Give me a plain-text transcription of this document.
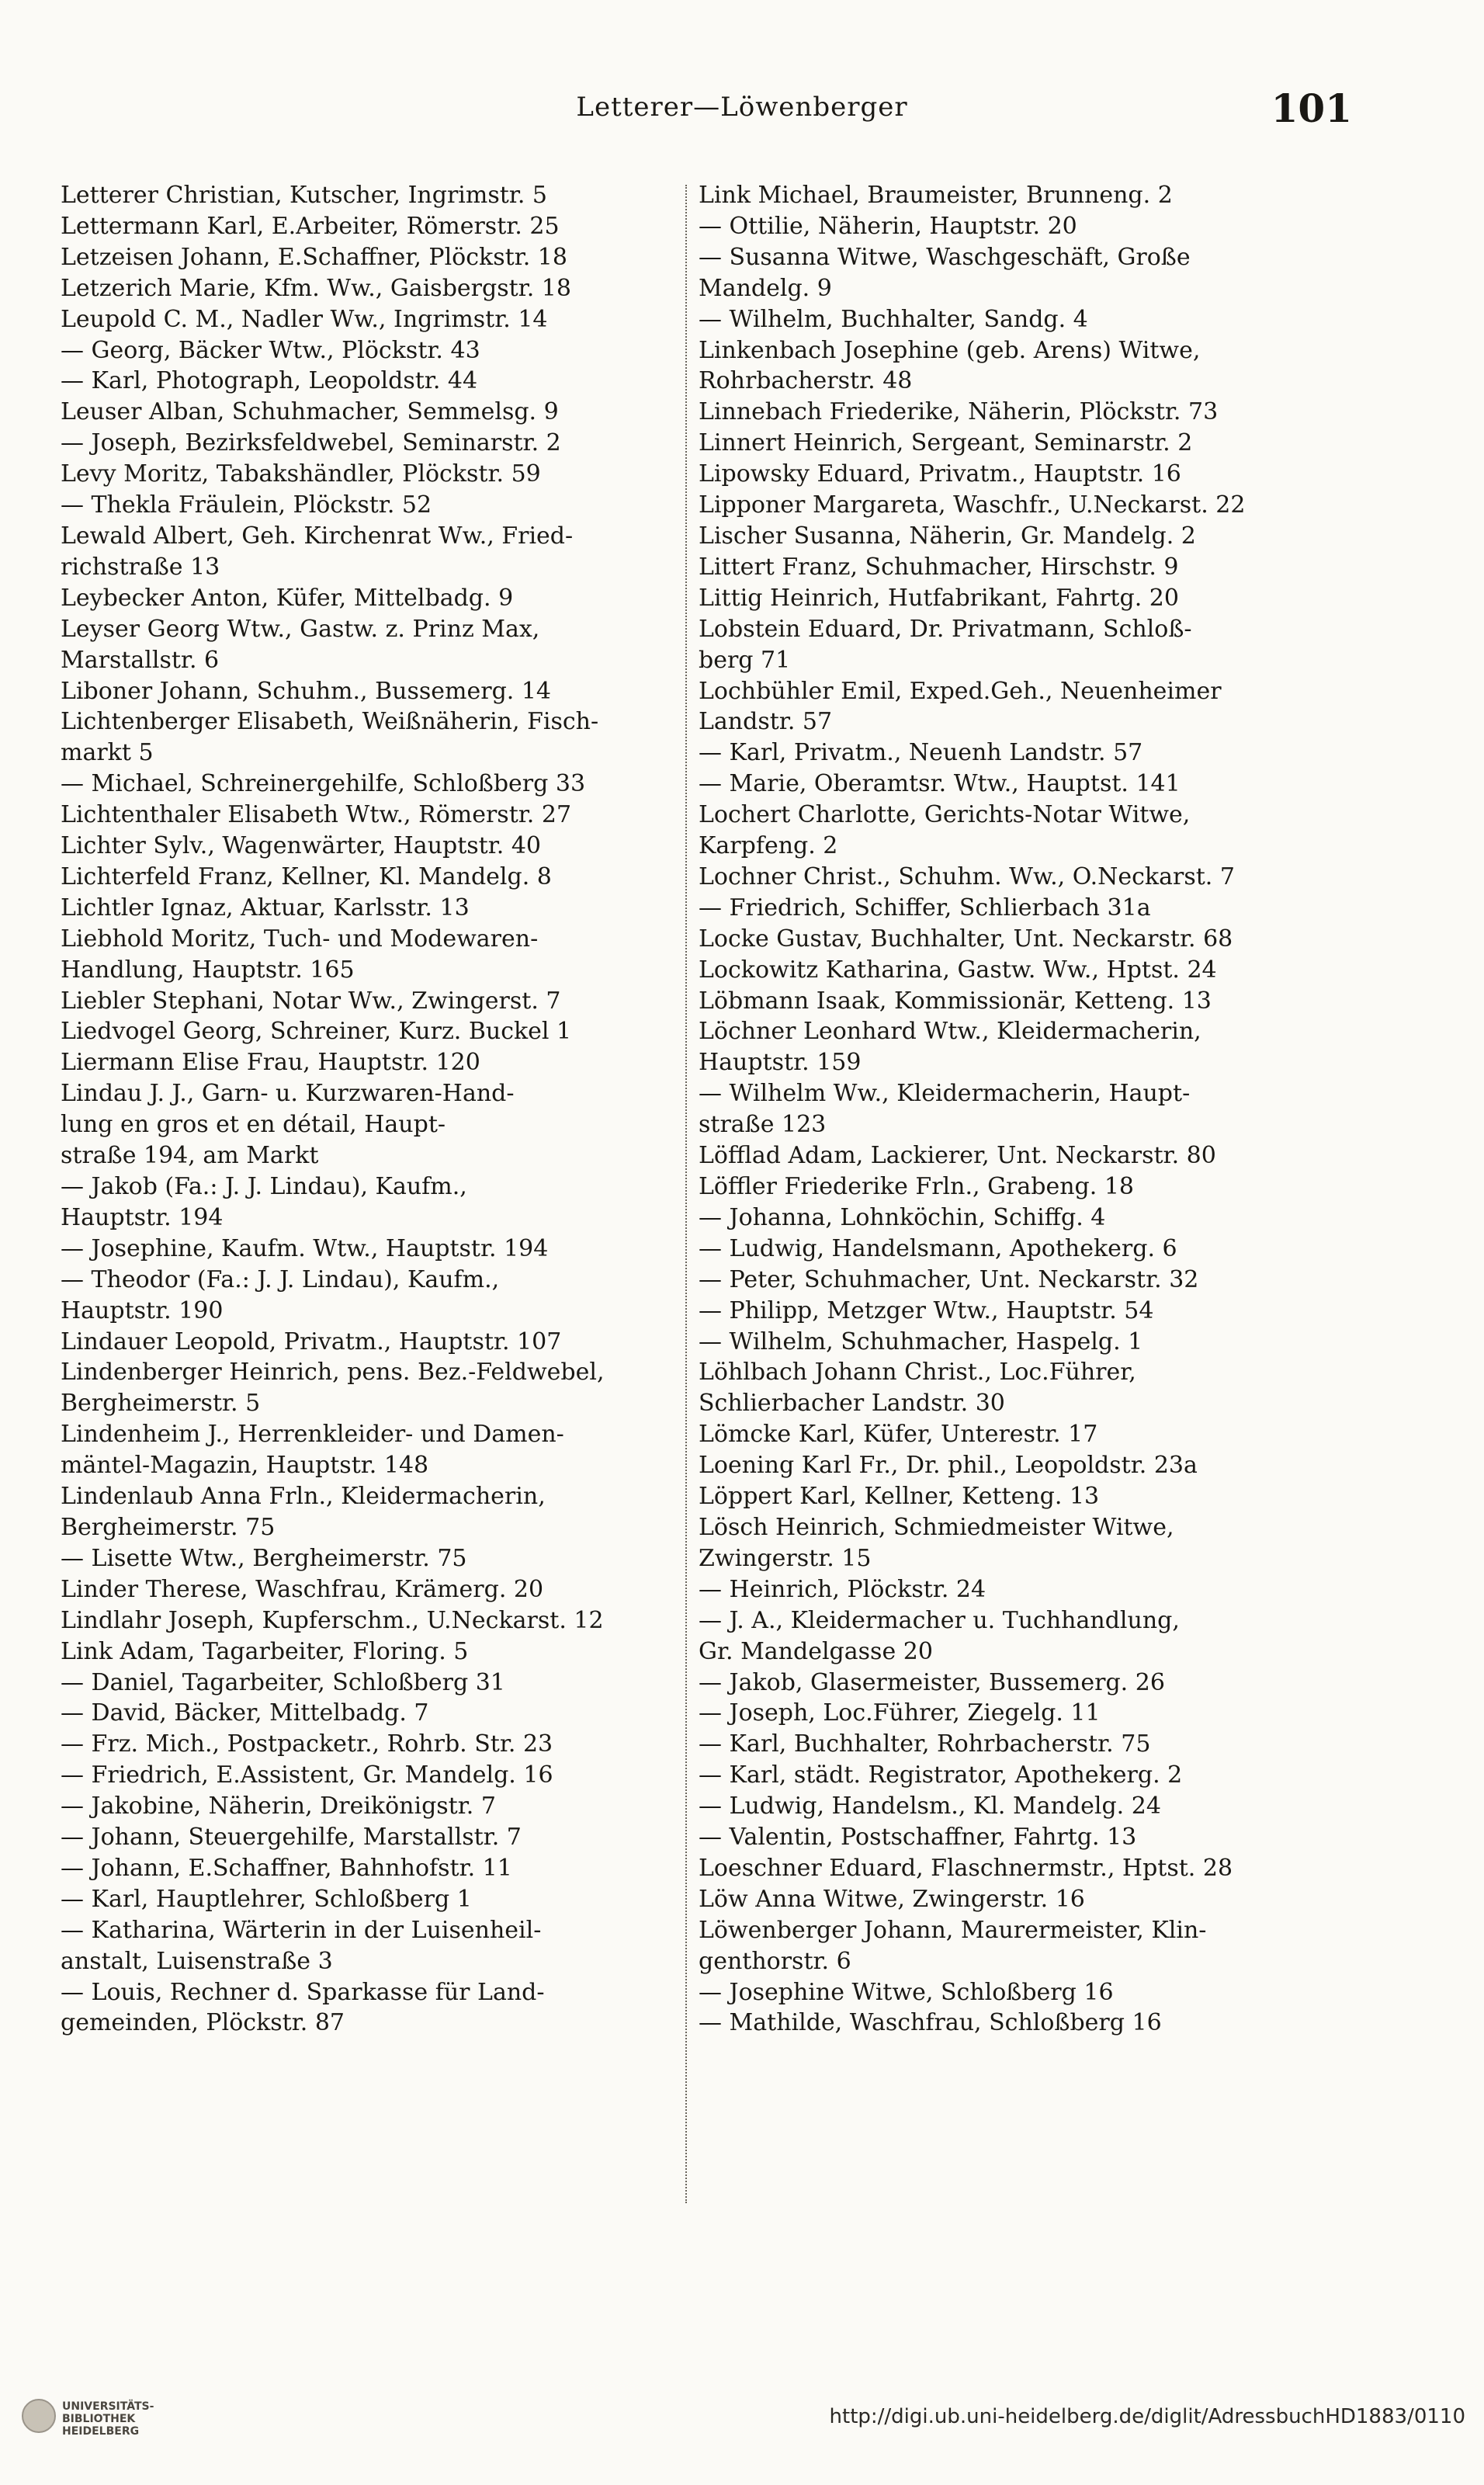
Letterer—Löwenberger	101
Letterer Christian, Kutscher, Ingrimstr. 5
Lettermann Karl, E.Arbeiter, Römerstr. 25
Letzeisen Johann, E.Schaffner, Plöckstr. 18
Letzerich Marie, Kfm. Ww., Gaisbergstr. 18
Leupold C. M., Nadler Ww., Ingrimstr. 14
— Georg, Bäcker Wtw., Plöckstr. 43
— Karl, Photograph, Leopoldstr. 44
Leuser Alban, Schuhmacher, Semmelsg. 9
— Joseph, Bezirksfeldwebel, Seminarstr. 2
Levy Moritz, Tabakshändler, Plöckstr. 59
— Thekla Fräulein, Plöckstr. 52
Lewald Albert, Geh. Kirchenrat Ww., Fried-
richstraße 13
Leybecker Anton, Küfer, Mittelbadg. 9
Leyser Georg Wtw., Gastw. z. Prinz Max,
Marstallstr. 6
Liboner Johann, Schuhm., Bussemerg. 14
Lichtenberger Elisabeth, Weißnäherin, Fisch-
markt 5
— Michael, Schreinergehilfe, Schloßberg 33
Lichtenthaler Elisabeth Wtw., Römerstr. 27
Lichter Sylv., Wagenwärter, Hauptstr. 40
Lichterfeld Franz, Kellner, Kl. Mandelg. 8
Lichtler Ignaz, Aktuar, Karlsstr. 13
Liebhold Moritz, Tuch- und Modewaren-
Handlung, Hauptstr. 165
Liebler Stephani, Notar Ww., Zwingerst. 7
Liedvogel Georg, Schreiner, Kurz. Buckel 1
Liermann Elise Frau, Hauptstr. 120
Lindau J. J., Garn- u. Kurzwaren-Hand-
lung en gros et en détail, Haupt-
straße 194, am Markt
— Jakob (Fa.: J. J. Lindau), Kaufm.,
Hauptstr. 194
— Josephine, Kaufm. Wtw., Hauptstr. 194
— Theodor (Fa.: J. J. Lindau), Kaufm.,
Hauptstr. 190
Lindauer Leopold, Privatm., Hauptstr. 107
Lindenberger Heinrich, pens. Bez.-Feldwebel,
Bergheimerstr. 5
Lindenheim J., Herrenkleider- und Damen-
mäntel-Magazin, Hauptstr. 148
Lindenlaub Anna Frln., Kleidermacherin,
Bergheimerstr. 75
— Lisette Wtw., Bergheimerstr. 75
Linder Therese, Waschfrau, Krämerg. 20
Lindlahr Joseph, Kupferschm., U.Neckarst. 12
Link Adam, Tagarbeiter, Floring. 5
— Daniel, Tagarbeiter, Schloßberg 31
— David, Bäcker, Mittelbadg. 7
— Frz. Mich., Postpacketr., Rohrb. Str. 23
— Friedrich, E.Assistent, Gr. Mandelg. 16
— Jakobine, Näherin, Dreikönigstr. 7
— Johann, Steuergehilfe, Marstallstr. 7
— Johann, E.Schaffner, Bahnhofstr. 11
— Karl, Hauptlehrer, Schloßberg 1
— Katharina, Wärterin in der Luisenheil-
anstalt, Luisenstraße 3
— Louis, Rechner d. Sparkasse für Land-
gemeinden, Plöckstr. 87
Link Michael, Braumeister, Brunneng. 2
— Ottilie, Näherin, Hauptstr. 20
— Susanna Witwe, Waschgeschäft, Große
Mandelg. 9
— Wilhelm, Buchhalter, Sandg. 4
Linkenbach Josephine (geb. Arens) Witwe,
Rohrbacherstr. 48
Linnebach Friederike, Näherin, Plöckstr. 73
Linnert Heinrich, Sergeant, Seminarstr. 2
Lipowsky Eduard, Privatm., Hauptstr. 16
Lipponer Margareta, Waschfr., U.Neckarst. 22
Lischer Susanna, Näherin, Gr. Mandelg. 2
Littert Franz, Schuhmacher, Hirschstr. 9
Littig Heinrich, Hutfabrikant, Fahrtg. 20
Lobstein Eduard, Dr. Privatmann, Schloß-
berg 71
Lochbühler Emil, Exped.Geh., Neuenheimer
Landstr. 57
— Karl, Privatm., Neuenh Landstr. 57
— Marie, Oberamtsr. Wtw., Hauptst. 141
Lochert Charlotte, Gerichts-Notar Witwe,
Karpfeng. 2
Lochner Christ., Schuhm. Ww., O.Neckarst. 7
— Friedrich, Schiffer, Schlierbach 31a
Locke Gustav, Buchhalter, Unt. Neckarstr. 68
Lockowitz Katharina, Gastw. Ww., Hptst. 24
Löbmann Isaak, Kommissionär, Ketteng. 13
Löchner Leonhard Wtw., Kleidermacherin,
Hauptstr. 159
— Wilhelm Ww., Kleidermacherin, Haupt-
straße 123
Löfflad Adam, Lackierer, Unt. Neckarstr. 80
Löffler Friederike Frln., Grabeng. 18
— Johanna, Lohnköchin, Schiffg. 4
— Ludwig, Handelsmann, Apothekerg. 6
— Peter, Schuhmacher, Unt. Neckarstr. 32
— Philipp, Metzger Wtw., Hauptstr. 54
— Wilhelm, Schuhmacher, Haspelg. 1
Löhlbach Johann Christ., Loc.Führer,
Schlierbacher Landstr. 30
Lömcke Karl, Küfer, Unterestr. 17
Loening Karl Fr., Dr. phil., Leopoldstr. 23a
Löppert Karl, Kellner, Ketteng. 13
Lösch Heinrich, Schmiedmeister Witwe,
Zwingerstr. 15
— Heinrich, Plöckstr. 24
— J. A., Kleidermacher u. Tuchhandlung,
Gr. Mandelgasse 20
— Jakob, Glasermeister, Bussemerg. 26
— Joseph, Loc.Führer, Ziegelg. 11
— Karl, Buchhalter, Rohrbacherstr. 75
— Karl, städt. Registrator, Apothekerg. 2
— Ludwig, Handelsm., Kl. Mandelg. 24
— Valentin, Postschaffner, Fahrtg. 13
Loeschner Eduard, Flaschnermstr., Hptst. 28
Löw Anna Witwe, Zwingerstr. 16
Löwenberger Johann, Maurermeister, Klin-
genthorstr. 6
— Josephine Witwe, Schloßberg 16
— Mathilde, Waschfrau, Schloßberg 16
UNIVERSITÄTS-
BIBLIOTHEK
HEIDELBERG
http://digi.ub.uni-heidelberg.de/diglit/AdressbuchHD1883/0110
